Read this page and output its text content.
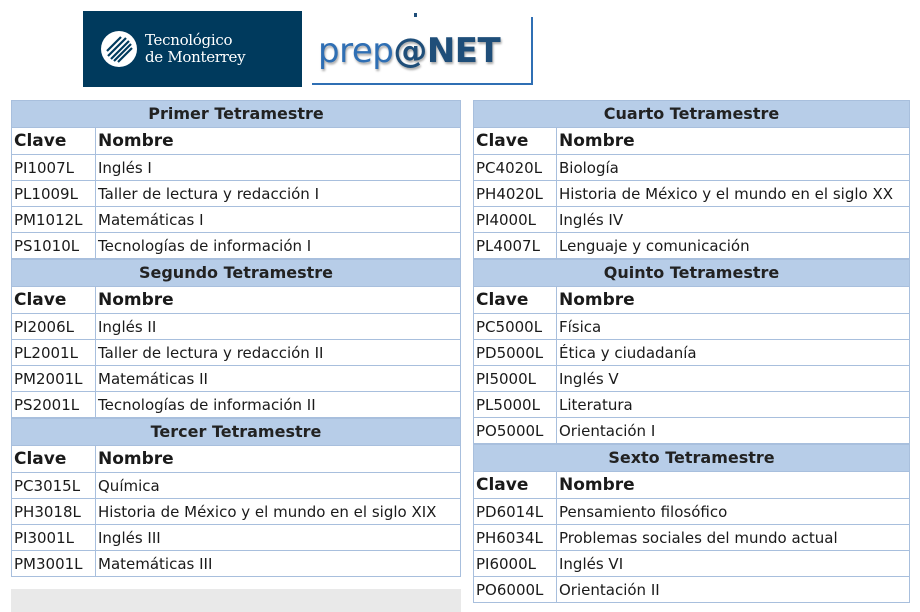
Tecnológico
de Monterrey prep@NET
Primer Tetramestre
Clave	Nombre
PI1007L	Inglés I
PL1009L	Taller de lectura y redacción I
PM1012L	Matemáticas I
PS1010L	Tecnologías de información I
Segundo Tetramestre
Clave	Nombre
PI2006L	Inglés II
PL2001L	Taller de lectura y redacción II
PM2001L	Matemáticas II
PS2001L	Tecnologías de información II
Tercer Tetramestre
Clave	Nombre
PC3015L	Química
PH3018L	Historia de México y el mundo en el siglo XIX
PI3001L	Inglés III
PM3001L	Matemáticas III
Cuarto Tetramestre
Clave	Nombre
PC4020L	Biología
PH4020L	Historia de México y el mundo en el siglo XX
PI4000L	Inglés IV
PL4007L	Lenguaje y comunicación
Quinto Tetramestre
Clave	Nombre
PC5000L	Física
PD5000L	Ética y ciudadanía
PI5000L	Inglés V
PL5000L	Literatura
PO5000L	Orientación I
Sexto Tetramestre
Clave	Nombre
PD6014L	Pensamiento filosófico
PH6034L	Problemas sociales del mundo actual
PI6000L	Inglés VI
PO6000L	Orientación II
